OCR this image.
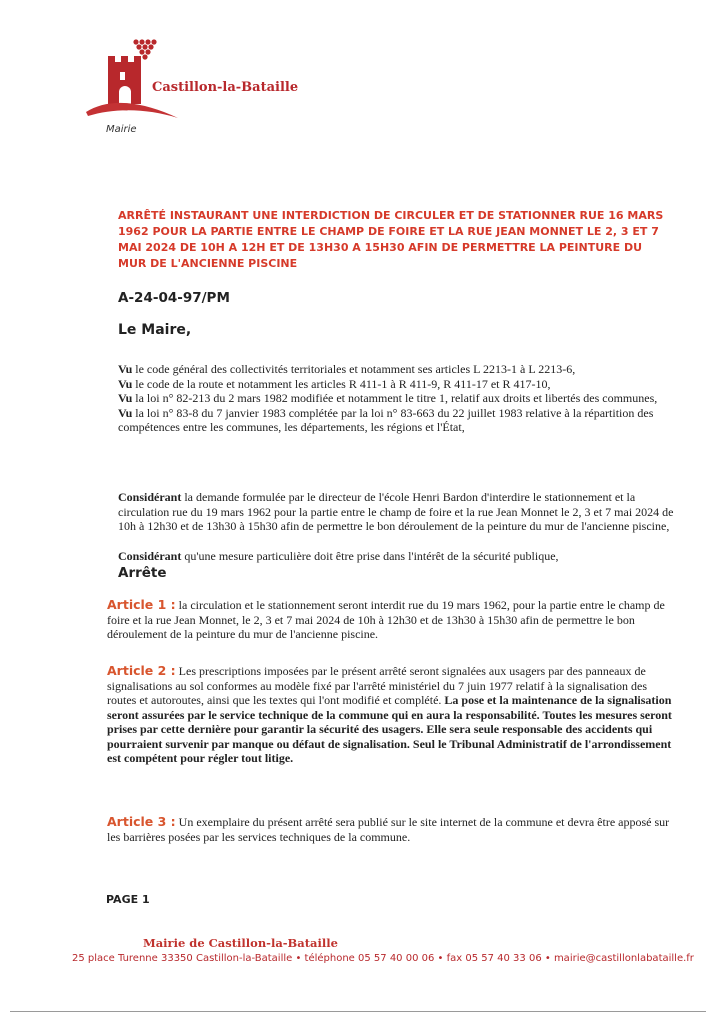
Castillon-la-Bataille
Mairie
ARRÊTÉ INSTAURANT UNE INTERDICTION DE CIRCULER ET DE STATIONNER RUE 16 MARS 1962 POUR LA PARTIE ENTRE LE CHAMP DE FOIRE ET LA RUE JEAN MONNET LE 2, 3 ET 7 MAI 2024 DE 10H A 12H ET DE 13H30 A 15H30 AFIN DE PERMETTRE LA PEINTURE DU MUR DE L'ANCIENNE PISCINE
A-24-04-97/PM
Le Maire,

Vu le code général des collectivités territoriales et notamment ses articles L 2213-1 à L 2213-6,

Vu le code de la route et notamment les articles R 411-1 à R 411-9, R 411-17 et R 417-10,

Vu la loi n° 82-213 du 2 mars 1982 modifiée et notamment le titre 1, relatif aux droits et libertés des communes,

Vu la loi n° 83-8 du 7 janvier 1983 complétée par la loi n° 83-663 du 22 juillet 1983 relative à la répartition des compétences entre les communes, les départements, les régions et l'État,

Considérant la demande formulée par le directeur de l'école Henri Bardon d'interdire le stationnement et la circulation rue du 19 mars 1962 pour la partie entre le champ de foire et la rue Jean Monnet le 2, 3 et 7 mai 2024 de 10h à 12h30 et de 13h30 à 15h30 afin de permettre le bon déroulement de la peinture du mur de l'ancienne piscine,
Considérant qu'une mesure particulière doit être prise dans l'intérêt de la sécurité publique,
Arrête
Article 1 : la circulation et le stationnement seront interdit rue du 19 mars 1962, pour la partie entre le champ de foire et la rue Jean Monnet, le 2, 3 et 7 mai 2024 de 10h à 12h30 et de 13h30 à 15h30 afin de permettre le bon déroulement de la peinture du mur de l'ancienne piscine.
Article 2 : Les prescriptions imposées par le présent arrêté seront signalées aux usagers par des panneaux de signalisations au sol conformes au modèle fixé par l'arrêté ministériel du 7 juin 1977 relatif à la signalisation des routes et autoroutes, ainsi que les textes qui l'ont modifié et complété. La pose et la maintenance de la signalisation seront assurées par le service technique de la commune qui en aura la responsabilité. Toutes les mesures seront prises par cette dernière pour garantir la sécurité des usagers. Elle sera seule responsable des accidents qui pourraient survenir par manque ou défaut de signalisation. Seul le Tribunal Administratif de l'arrondissement est compétent pour régler tout litige.
Article 3 : Un exemplaire du présent arrêté sera publié sur le site internet de la commune et devra être apposé sur les barrières posées par les services techniques de la commune.
PAGE 1
Mairie de Castillon-la-Bataille
25 place Turenne 33350 Castillon-la-Bataille • téléphone 05 57 40 00 06 • fax 05 57 40 33 06 • mairie@castillonlabataille.fr
